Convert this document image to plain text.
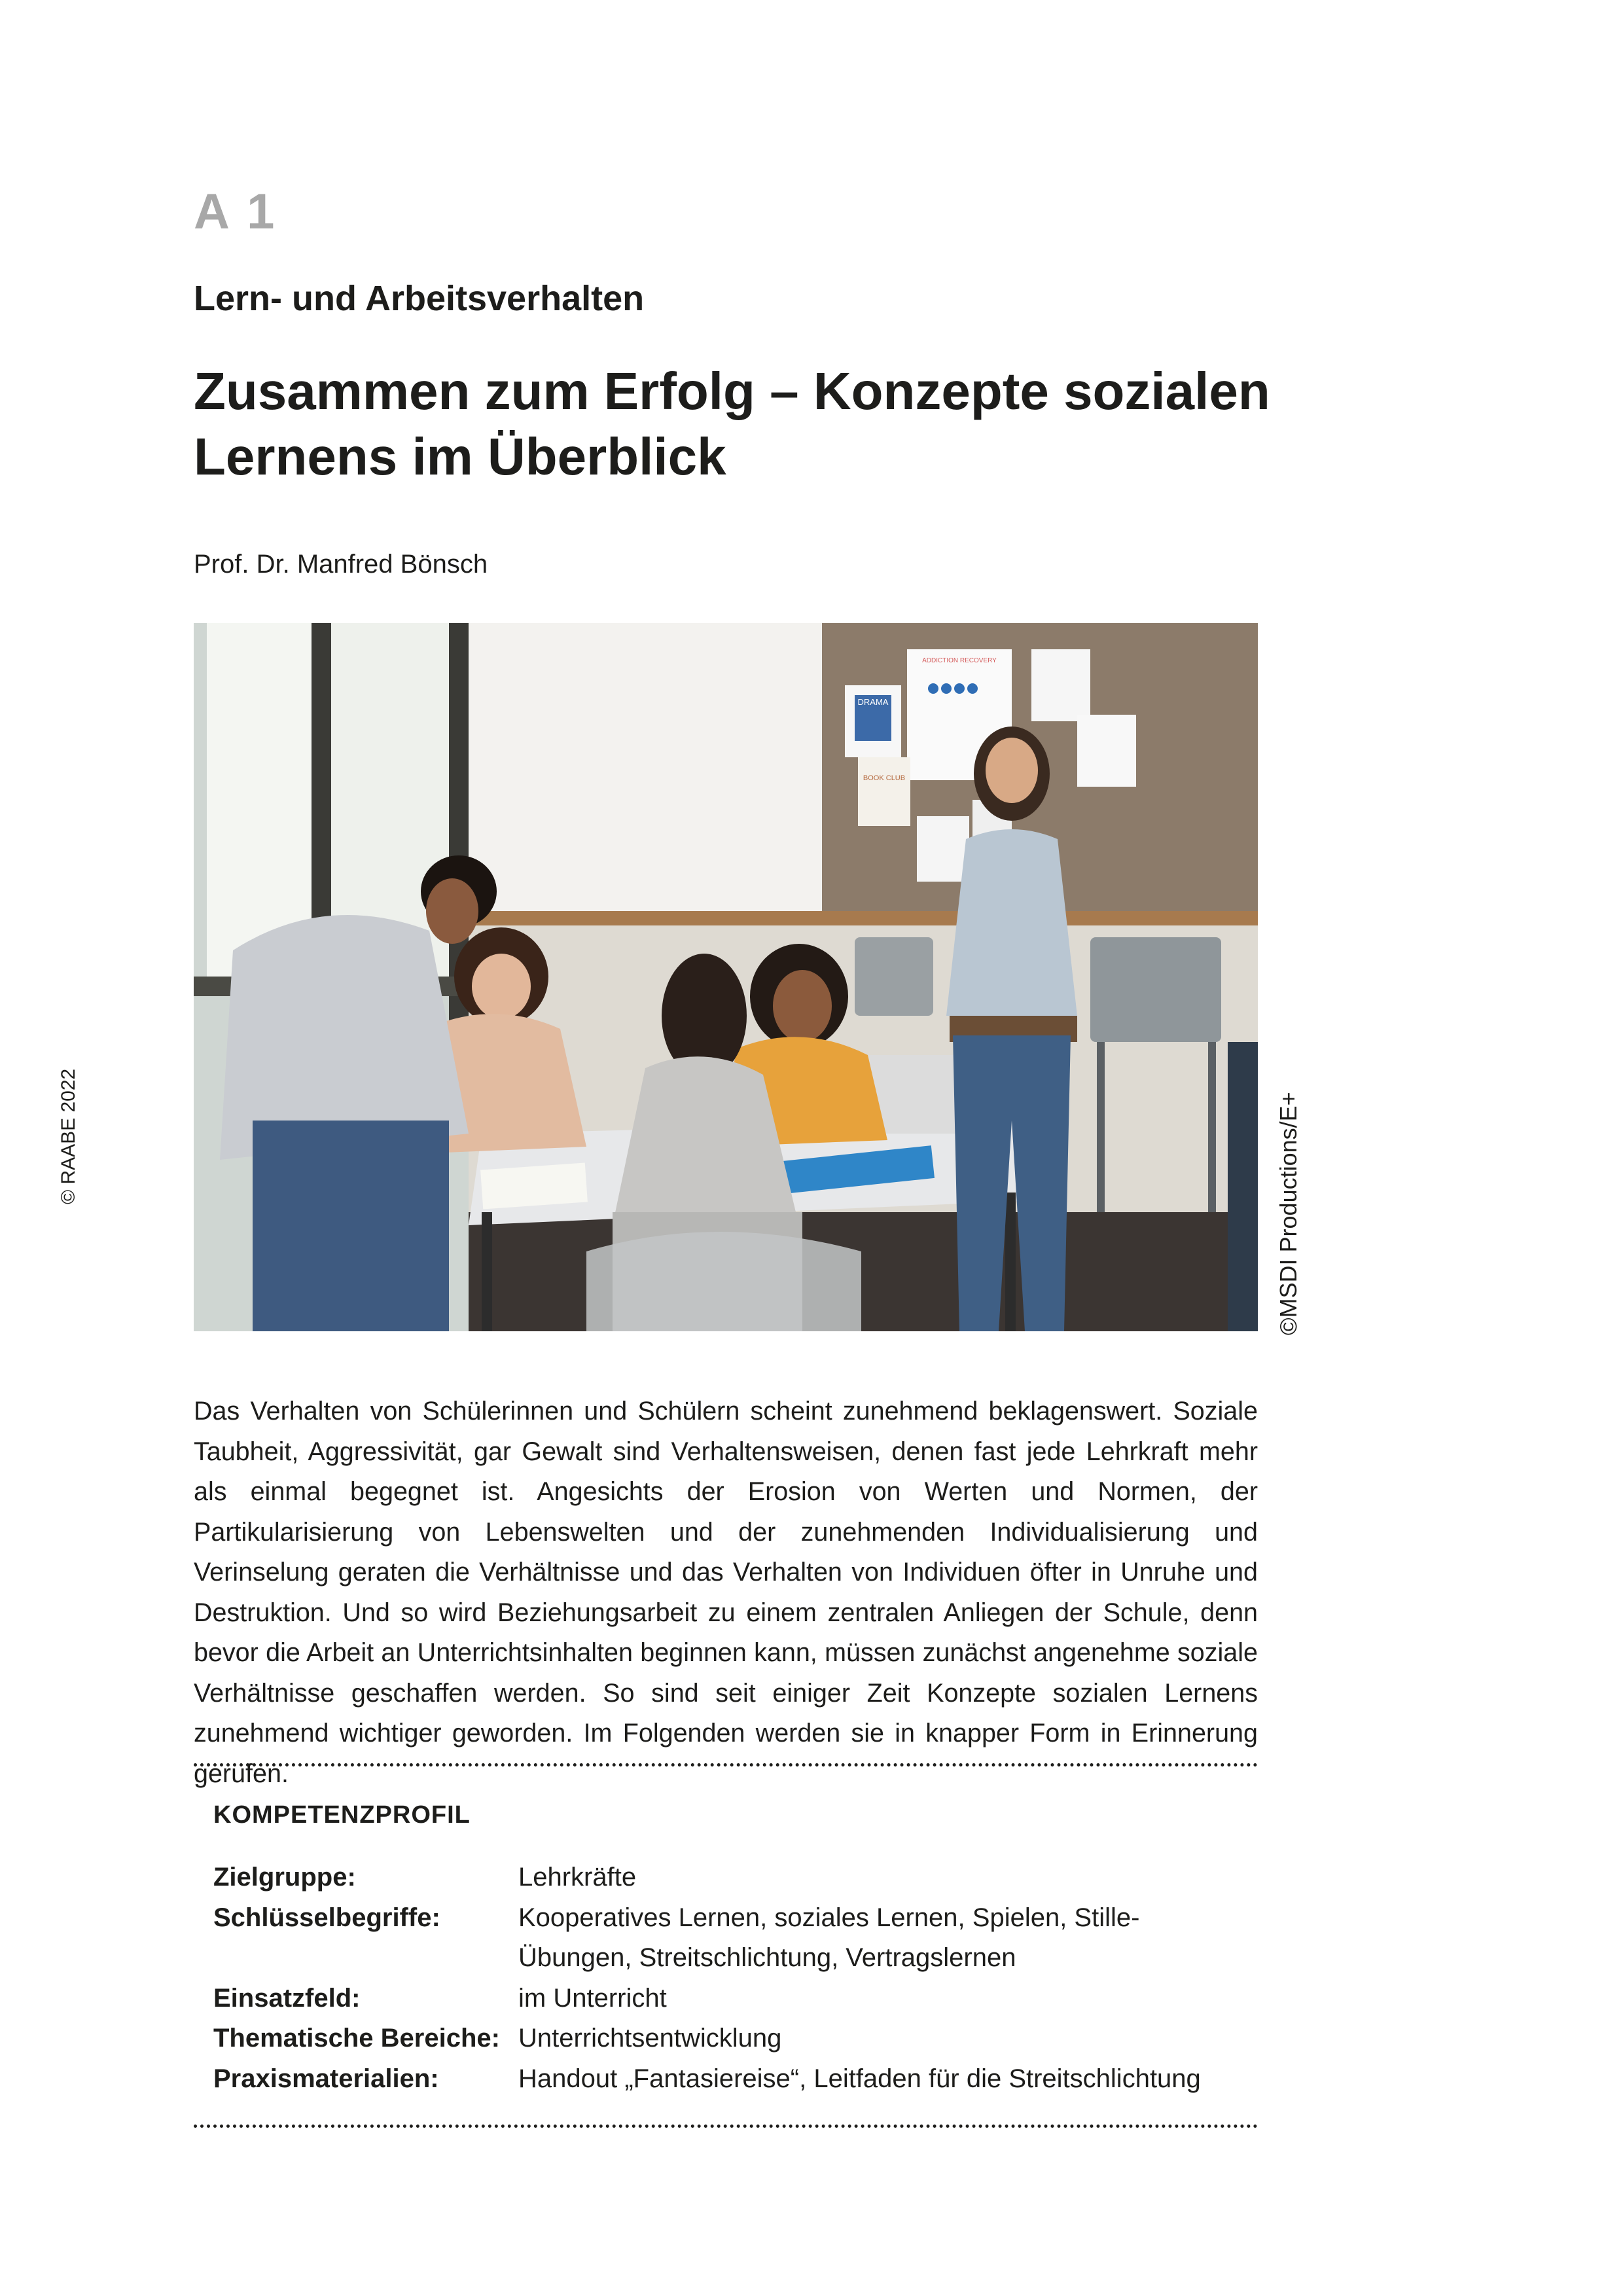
A 1
Lern- und Arbeitsverhalten
Zusammen zum Erfolg – Konzepte sozialen Lernens im Überblick
Prof. Dr. Manfred Bönsch
© RAABE 2022
DRAMA
ADDICTION RECOVERY
BOOK CLUB
©MSDI Productions/E+

Das Verhalten von Schülerinnen und Schülern scheint zunehmend beklagenswert. Soziale Taubheit, Aggressivität, gar Gewalt sind Verhaltensweisen, denen fast jede Lehrkraft mehr als einmal begegnet ist. Angesichts der Erosion von Werten und Normen, der Partikularisierung von Lebenswelten und der zunehmenden Individualisierung und Verinselung geraten die Verhältnisse und das Verhalten von Individuen öfter in Unruhe und Destruktion. Und so wird Beziehungsarbeit zu einem zentralen Anliegen der Schule, denn bevor die Arbeit an Unterrichtsinhalten beginnen kann, müssen zunächst angenehme soziale Verhältnisse geschaffen werden. So sind seit einiger Zeit Konzepte sozialen Lernens zunehmend wichtiger geworden. Im Folgenden werden sie in knapper Form in Erinnerung gerufen.

KOMPETENZPROFIL
Zielgruppe:	Lehrkräfte
Schlüsselbegriffe:	Kooperatives Lernen, soziales Lernen, Spielen, Stille-Übungen, Streitschlichtung, Vertragslernen
Einsatzfeld:	im Unterricht
Thematische Bereiche: Unterrichtsentwicklung
Praxismaterialien:	Handout „Fantasiereise“, Leitfaden für die Streitschlichtung
